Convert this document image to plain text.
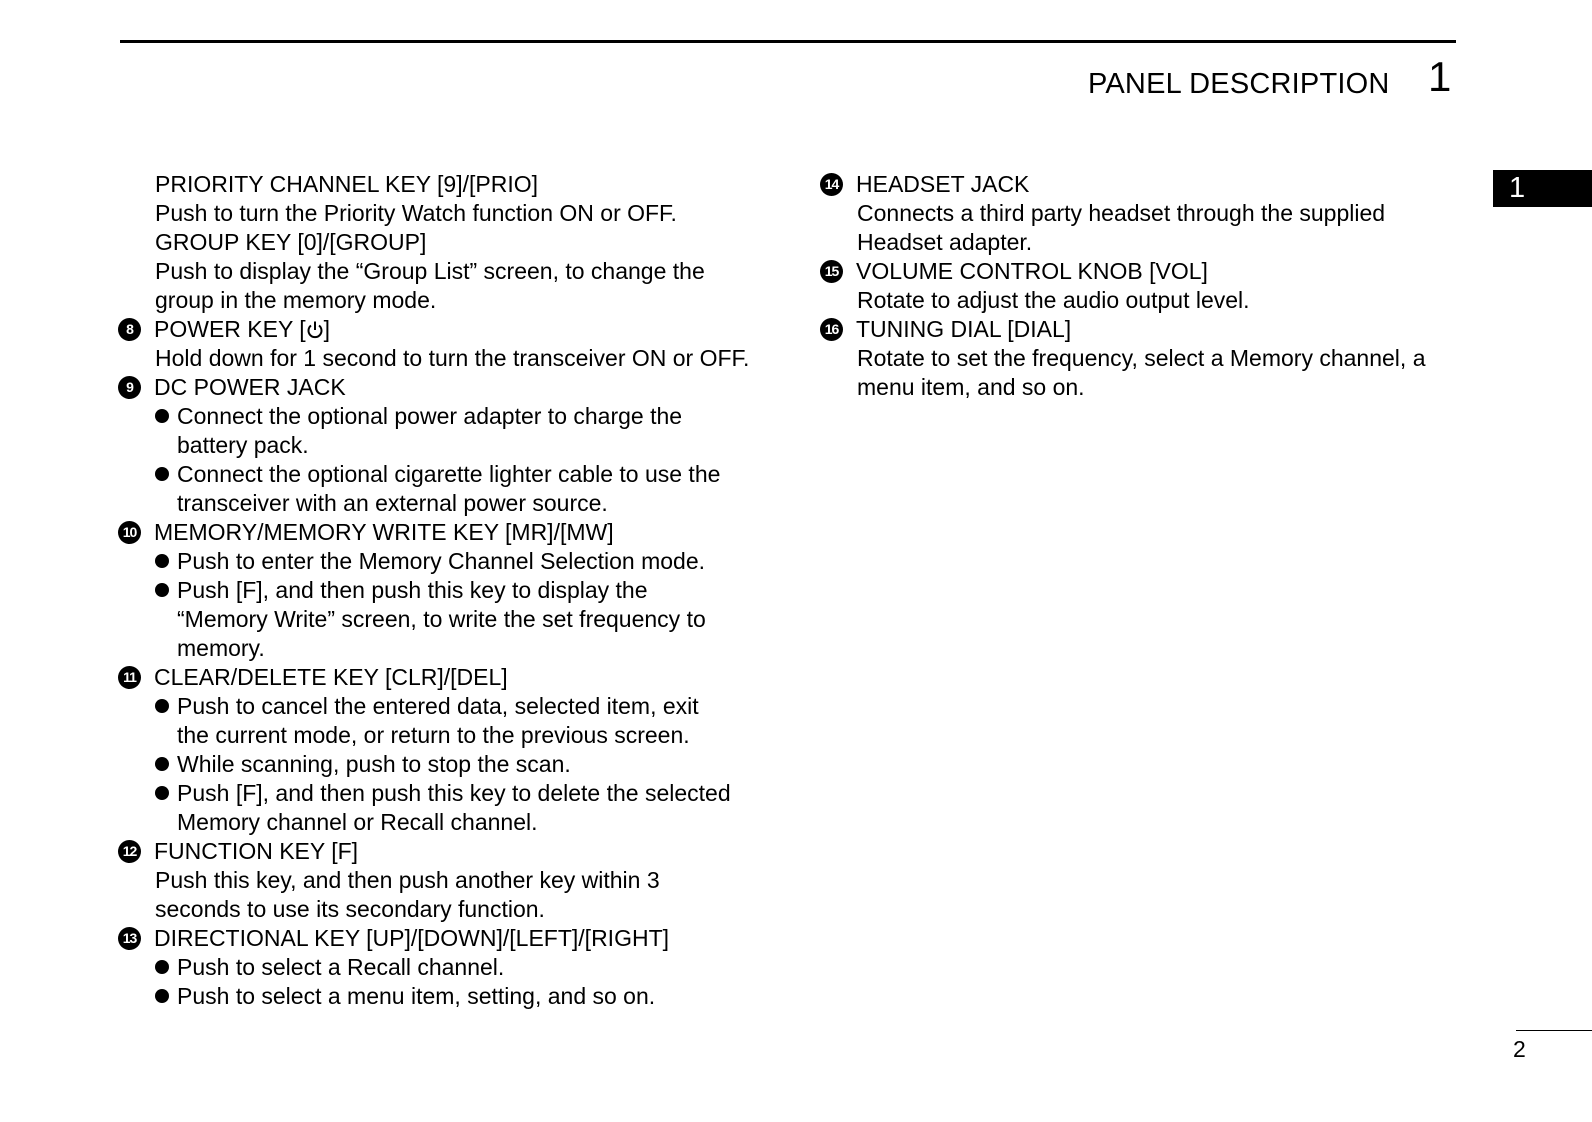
PANEL DESCRIPTION 1
1
PRIORITY CHANNEL KEY [9]/[PRIO]
Push to turn the Priority Watch function ON or OFF.
GROUP KEY [0]/[GROUP]
Push to display the “Group List” screen, to change the
group in the memory mode.
8 POWER KEY [ ]
Hold down for 1 second to turn the transceiver ON or OFF.
9 DC POWER JACK
Connect the optional power adapter to charge the
battery pack.
Connect the optional cigarette lighter cable to use the
transceiver with an external power source.
10 MEMORY/MEMORY WRITE KEY [MR]/[MW]
Push to enter the Memory Channel Selection mode.
Push [F], and then push this key to display the
“Memory Write” screen, to write the set frequency to
memory.
11 CLEAR/DELETE KEY [CLR]/[DEL]
Push to cancel the entered data, selected item, exit
the current mode, or return to the previous screen.
While scanning, push to stop the scan.
Push [F], and then push this key to delete the selected
Memory channel or Recall channel.
12 FUNCTION KEY [F]
Push this key, and then push another key within 3
seconds to use its secondary function.
13 DIRECTIONAL KEY [UP]/[DOWN]/[LEFT]/[RIGHT]
Push to select a Recall channel.
Push to select a menu item, setting, and so on.
14 HEADSET JACK
Connects a third party headset through the supplied
Headset adapter.
15 VOLUME CONTROL KNOB [VOL]
Rotate to adjust the audio output level.
16 TUNING DIAL [DIAL]
Rotate to set the frequency, select a Memory channel, a
menu item, and so on.
2
